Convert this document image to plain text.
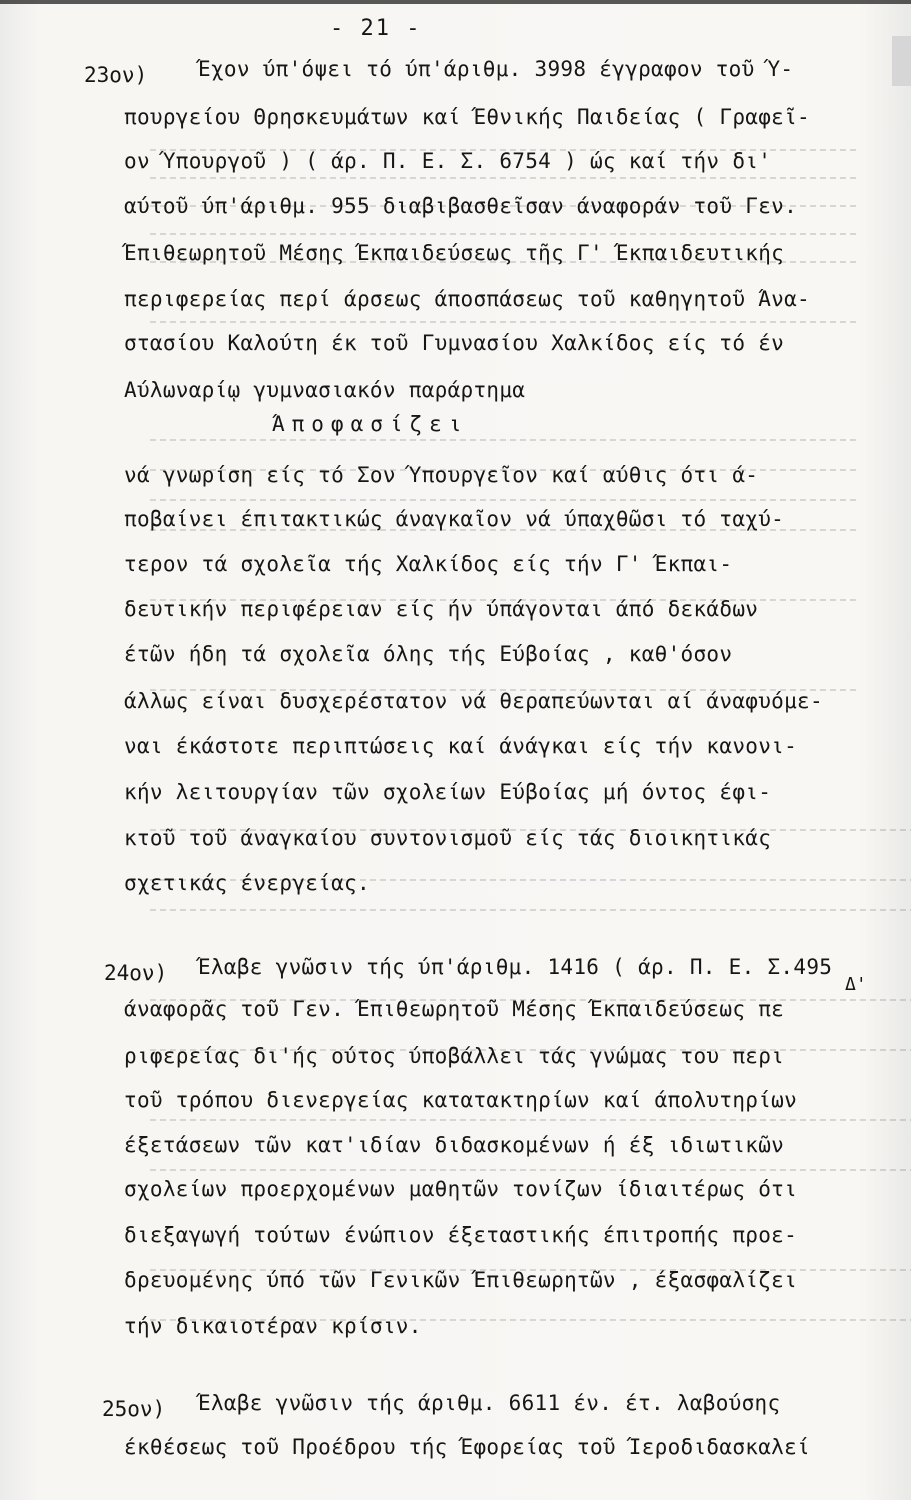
- 21 -
23ον) Έχον ύπ'όψει τό ύπ'άριθμ. 3998 έγγραφον τοῦ Ύ-
πουργείου Θρησκευμάτων καί Έθνικής Παιδείας ( Γραφεῖ-
ον Ύπουργοῦ ) ( άρ. Π. Ε. Σ. 6754 ) ώς καί τήν δι'
αύτοῦ ύπ'άριθμ. 955 διαβιβασθεῖσαν άναφοράν τοῦ Γεν.
Έπιθεωρητοῦ Μέσης Έκπαιδεύσεως τῆς Γ' Έκπαιδευτικής
περιφερείας περί άρσεως άποσπάσεως τοῦ καθηγητοῦ Άνα-
στασίου Καλούτη έκ τοῦ Γυμνασίου Χαλκίδος είς τό έν
Αύλωναρίῳ γυμνασιακόν παράρτημα
Άποφασίζει
νά γνωρίση είς τό Σον Ύπουργεῖον καί αύθις ότι ά-
ποβαίνει έπιτακτικώς άναγκαῖον νά ύπαχθῶσι τό ταχύ-
τερον τά σχολεῖα τής Χαλκίδος είς τήν Γ' Έκπαι-
δευτικήν περιφέρειαν είς ήν ύπάγονται άπό δεκάδων
έτῶν ήδη τά σχολεῖα όλης τής Εύβοίας , καθ'όσον
άλλως είναι δυσχερέστατον νά θεραπεύωνται αί άναφυόμε-
ναι έκάστοτε περιπτώσεις καί άνάγκαι είς τήν κανονι-
κήν λειτουργίαν τῶν σχολείων Εύβοίας μή όντος έφι-
κτοῦ τοῦ άναγκαίου συντονισμοῦ είς τάς διοικητικάς
σχετικάς ένεργείας.
24ον) Έλαβε γνῶσιν τής ύπ'άριθμ. 1416 ( άρ. Π. Ε. Σ.495
Δ'
άναφορᾶς τοῦ Γεν. Έπιθεωρητοῦ Μέσης Έκπαιδεύσεως πε
ριφερείας δι'ής ούτος ύποβάλλει τάς γνώμας του περι
τοῦ τρόπου διενεργείας κατατακτηρίων καί άπολυτηρίων
έξετάσεων τῶν κατ'ιδίαν διδασκομένων ή έξ ιδιωτικῶν
σχολείων προερχομένων μαθητῶν τονίζων ίδιαιτέρως ότι
διεξαγωγή τούτων ένώπιον έξεταστικής έπιτροπής προε-
δρευομένης ύπό τῶν Γενικῶν Έπιθεωρητῶν , έξασφαλίζει
τήν δικαιοτέραν κρίσιν.
25ον) Έλαβε γνῶσιν τής άριθμ. 6611 έν. έτ. λαβούσης
έκθέσεως τοῦ Προέδρου τής Έφορείας τοῦ Ίεροδιδασκαλεί
